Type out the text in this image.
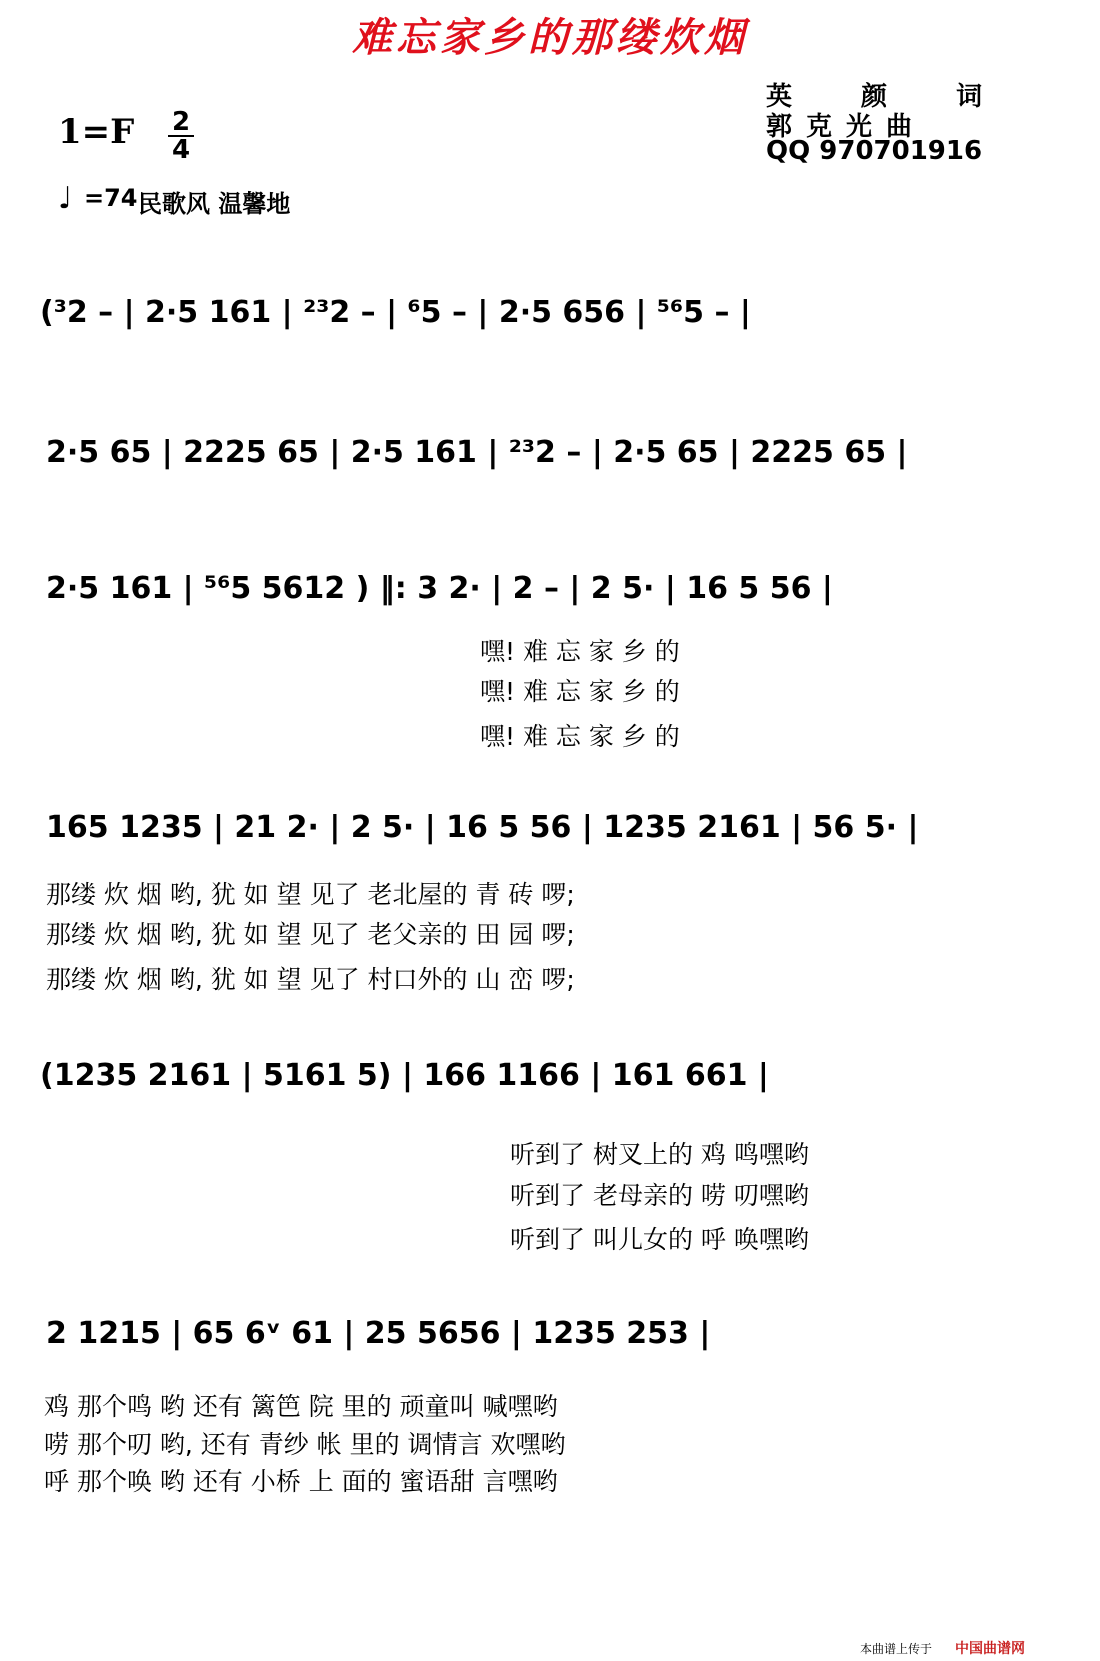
难忘家乡的那缕炊烟
英 颜 词
郭克光曲
QQ 970701916
1=F 2
4
♩ =74 民歌风 温馨地
(³2 – | 2·5 161 | ²³2 – | ⁶5 – | 2·5 656 | ⁵⁶5 – |
2·5 65 | 2225 65 | 2·5 161 | ²³2 – | 2·5 65 | 2225 65 |
2·5 161 | ⁵⁶5 5612 ) ‖: 3 2· | 2 – | 2 5· | 16 5 56 |
嘿! 难 忘 家 乡 的
嘿! 难 忘 家 乡 的
嘿! 难 忘 家 乡 的
165 1235 | 21 2· | 2 5· | 16 5 56 | 1235 2161 | 56 5· |
那缕 炊 烟 哟, 犹 如 望 见了 老北屋的 青 砖 啰;
那缕 炊 烟 哟, 犹 如 望 见了 老父亲的 田 园 啰;
那缕 炊 烟 哟, 犹 如 望 见了 村口外的 山 峦 啰;
(1235 2161 | 5161 5) | 166 1166 | 161 661 |
听到了 树叉上的 鸡 鸣嘿哟
听到了 老母亲的 唠 叨嘿哟
听到了 叫儿女的 呼 唤嘿哟
2 1215 | 65 6ᵛ 61 | 25 5656 | 1235 253 |
鸡 那个鸣 哟 还有 篱笆 院 里的 顽童叫 喊嘿哟
唠 那个叨 哟, 还有 青纱 帐 里的 调情言 欢嘿哟
呼 那个唤 哟 还有 小桥 上 面的 蜜语甜 言嘿哟
本曲谱上传于 中国曲谱网
